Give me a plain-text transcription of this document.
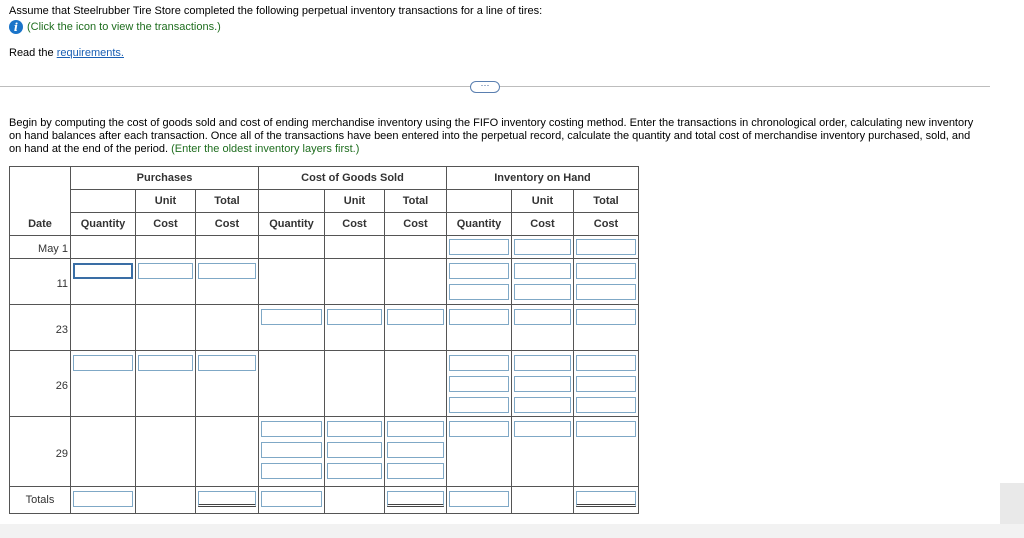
Assume that Steelrubber Tire Store completed the following perpetual inventory transactions for a line of tires:
i (Click the icon to view the transactions.)
Read the requirements.
⋯
Begin by computing the cost of goods sold and cost of ending merchandise inventory using the FIFO inventory costing method. Enter the transactions in chronological order, calculating new inventory on hand balances after each transaction. Once all of the transactions have been entered into the perpetual record, calculate the quantity and total cost of merchandise inventory purchased, sold, and on hand at the end of the period. (Enter the oldest inventory layers first.)
	Purchases			Cost of Goods Sold			Inventory on Hand		
		Unit	Total		Unit	Total		Unit	Total
Date	Quantity	Cost	Cost	Quantity	Cost	Cost	Quantity	Cost	Cost
May 1							

11	

23				

26	

29				

Totals	
